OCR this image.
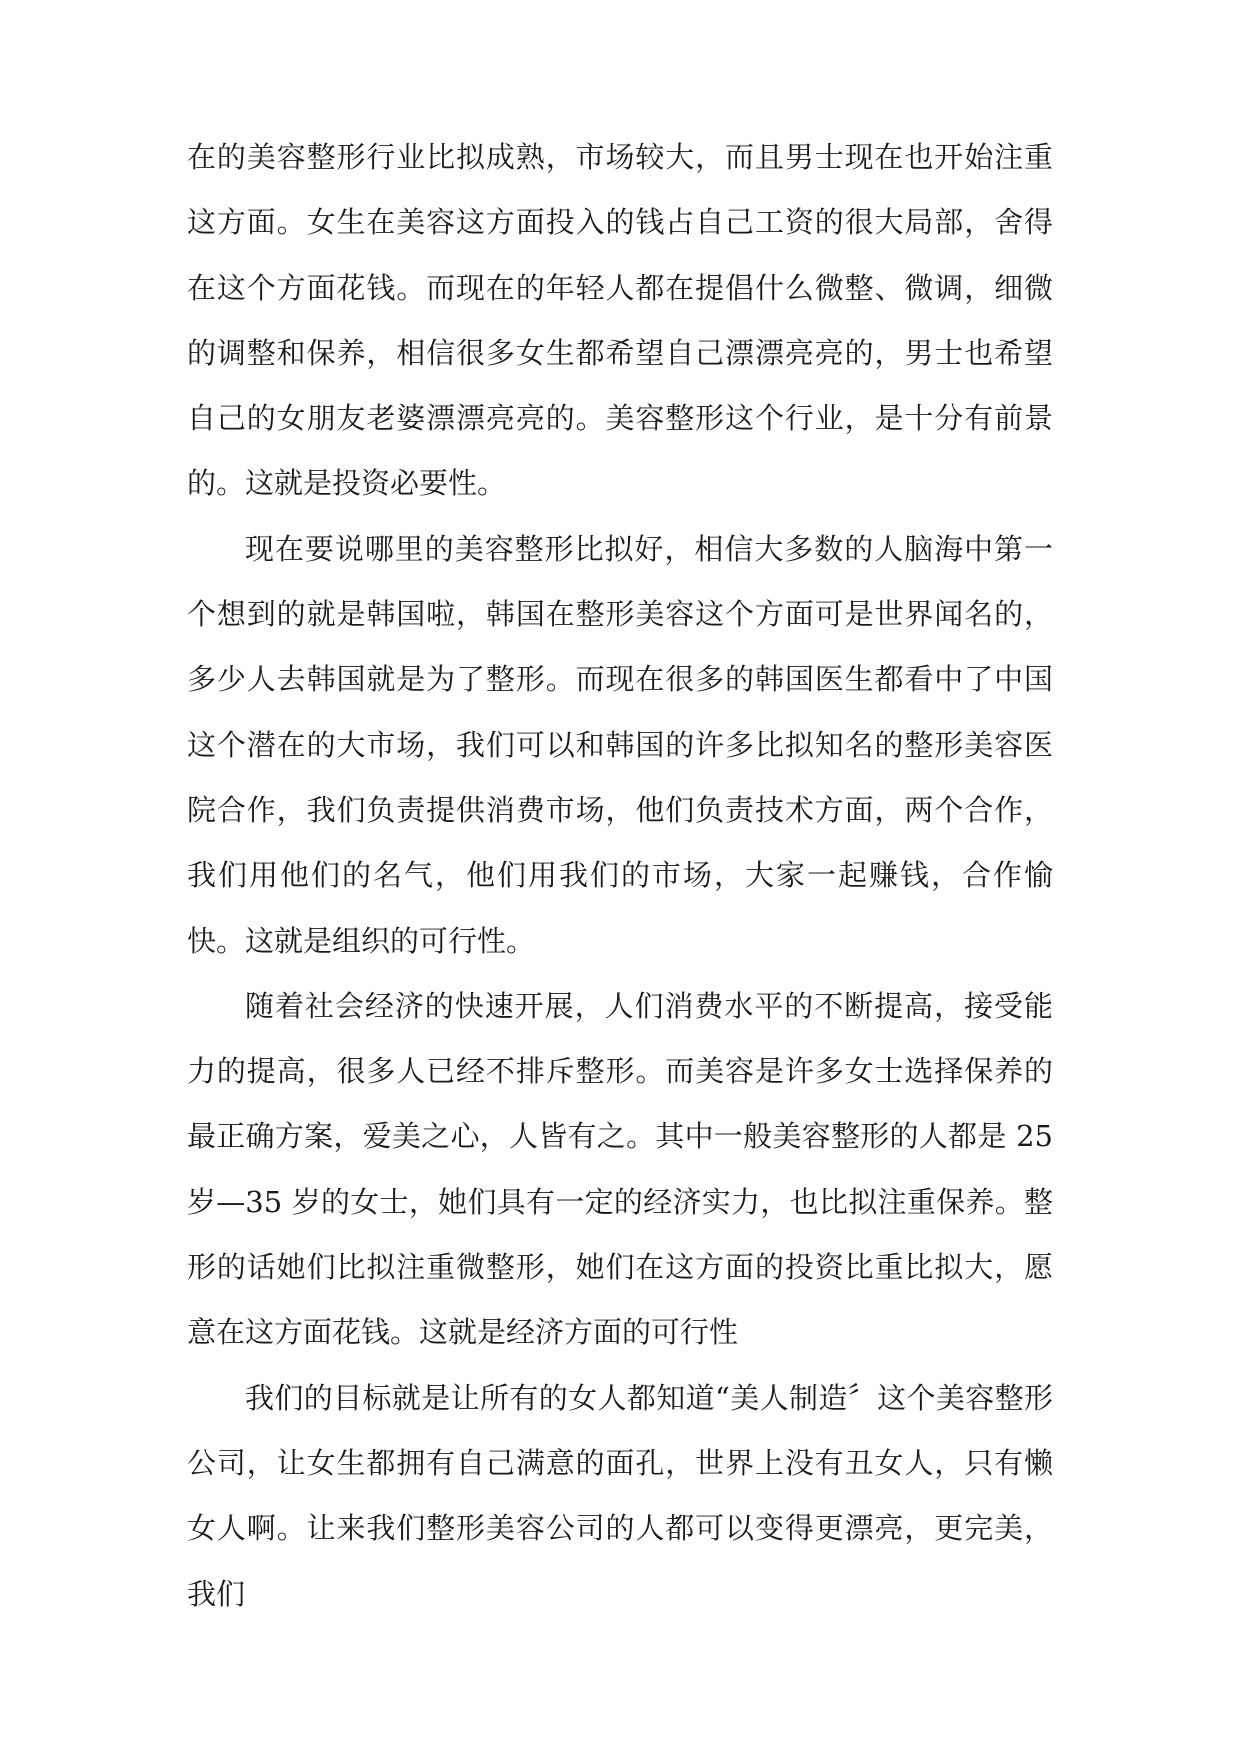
在的美容整形行业比拟成熟，市场较大，而且男士现在也开始注重这方面。女生在美容这方面投入的钱占自己工资的很大局部，舍得在这个方面花钱。而现在的年轻人都在提倡什么微整、微调，细微的调整和保养，相信很多女生都希望自己漂漂亮亮的，男士也希望自己的女朋友老婆漂漂亮亮的。美容整形这个行业，是十分有前景的。这就是投资必要性。

现在要说哪里的美容整形比拟好，相信大多数的人脑海中第一个想到的就是韩国啦，韩国在整形美容这个方面可是世界闻名的，多少人去韩国就是为了整形。而现在很多的韩国医生都看中了中国这个潜在的大市场，我们可以和韩国的许多比拟知名的整形美容医院合作，我们负责提供消费市场，他们负责技术方面，两个合作，我们用他们的名气，他们用我们的市场，大家一起赚钱，合作愉快。这就是组织的可行性。

随着社会经济的快速开展，人们消费水平的不断提高，接受能力的提高，很多人已经不排斥整形。而美容是许多女士选择保养的最正确方案，爱美之心，人皆有之。其中一般美容整形的人都是 25 岁—35 岁的女士，她们具有一定的经济实力，也比拟注重保养。整形的话她们比拟注重微整形，她们在这方面的投资比重比拟大，愿意在这方面花钱。这就是经济方面的可行性

我们的目标就是让所有的女人都知道“美人制造〞这个美容整形公司，让女生都拥有自己满意的面孔，世界上没有丑女人，只有懒女人啊。让来我们整形美容公司的人都可以变得更漂亮，更完美，我们
